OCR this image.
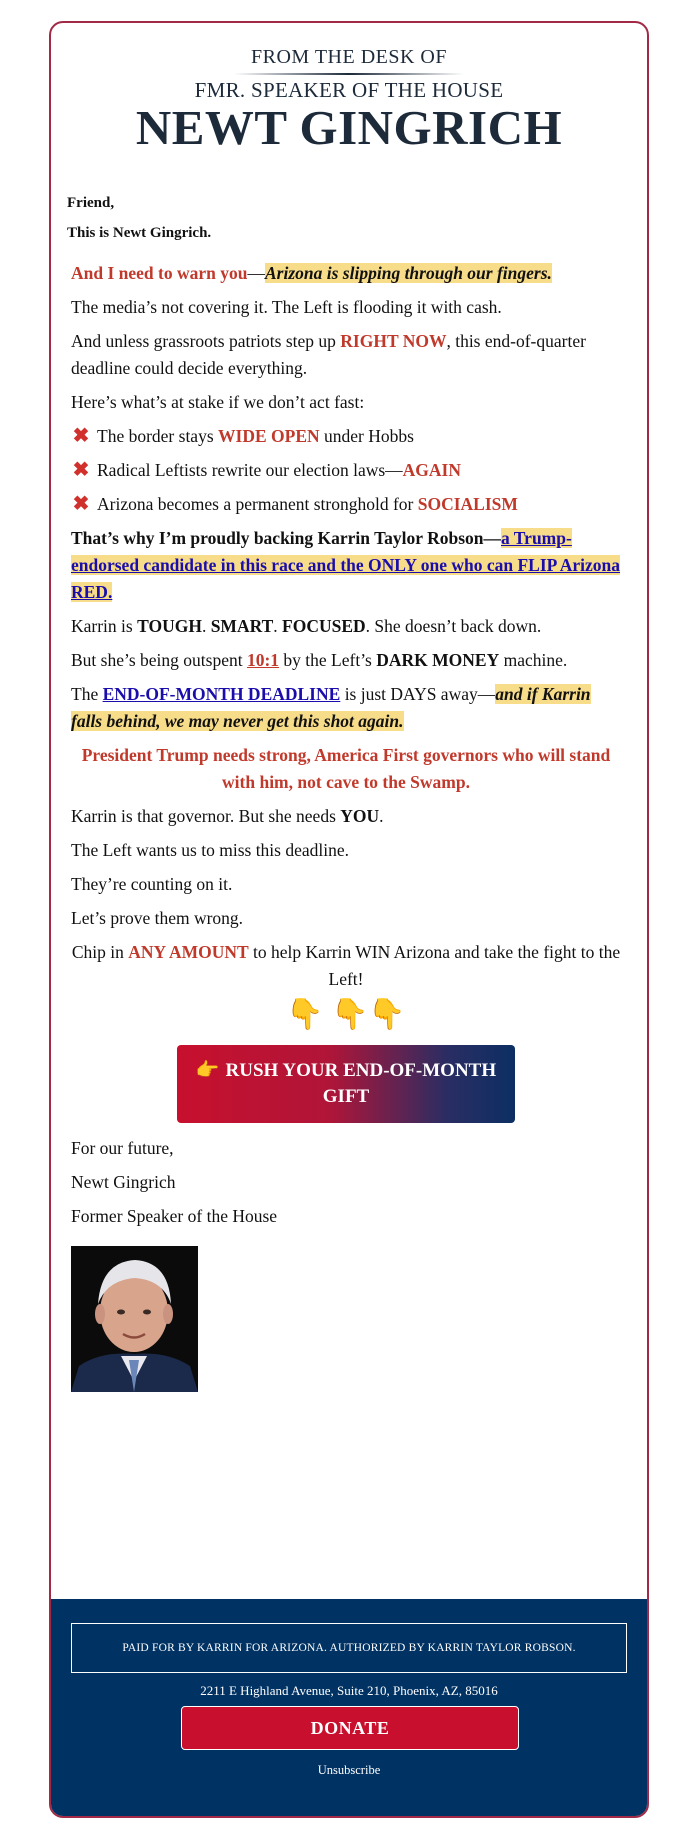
FROM THE DESK OF
FMR. SPEAKER OF THE HOUSE
NEWT GINGRICH

Friend,

This is Newt Gingrich.

And I need to warn you—Arizona is slipping through our fingers.

The media’s not covering it. The Left is flooding it with cash.

And unless grassroots patriots step up RIGHT NOW, this end-of-quarter deadline could decide everything.

Here’s what’s at stake if we don’t act fast:

✖ The border stays WIDE OPEN under Hobbs

✖ Radical Leftists rewrite our election laws—AGAIN

✖ Arizona becomes a permanent stronghold for SOCIALISM

That’s why I’m proudly backing Karrin Taylor Robson—a Trump-endorsed candidate in this race and the ONLY one who can FLIP Arizona RED.

Karrin is TOUGH. SMART. FOCUSED. She doesn’t back down.

But she’s being outspent 10:1 by the Left’s DARK MONEY machine.

The END-OF-MONTH DEADLINE is just DAYS away—and if Karrin falls behind, we may never get this shot again.

President Trump needs strong, America First governors who will stand with him, not cave to the Swamp.

Karrin is that governor. But she needs YOU.

The Left wants us to miss this deadline.

They’re counting on it.

Let’s prove them wrong.

Chip in ANY AMOUNT to help Karrin WIN Arizona and take the fight to the Left!

👇 👇👇
👉 RUSH YOUR END-OF-MONTH GIFT

For our future,

Newt Gingrich

Former Speaker of the House

PAID FOR BY KARRIN FOR ARIZONA. AUTHORIZED BY KARRIN TAYLOR ROBSON.
2211 E Highland Avenue, Suite 210, Phoenix, AZ, 85016
DONATE
Unsubscribe
